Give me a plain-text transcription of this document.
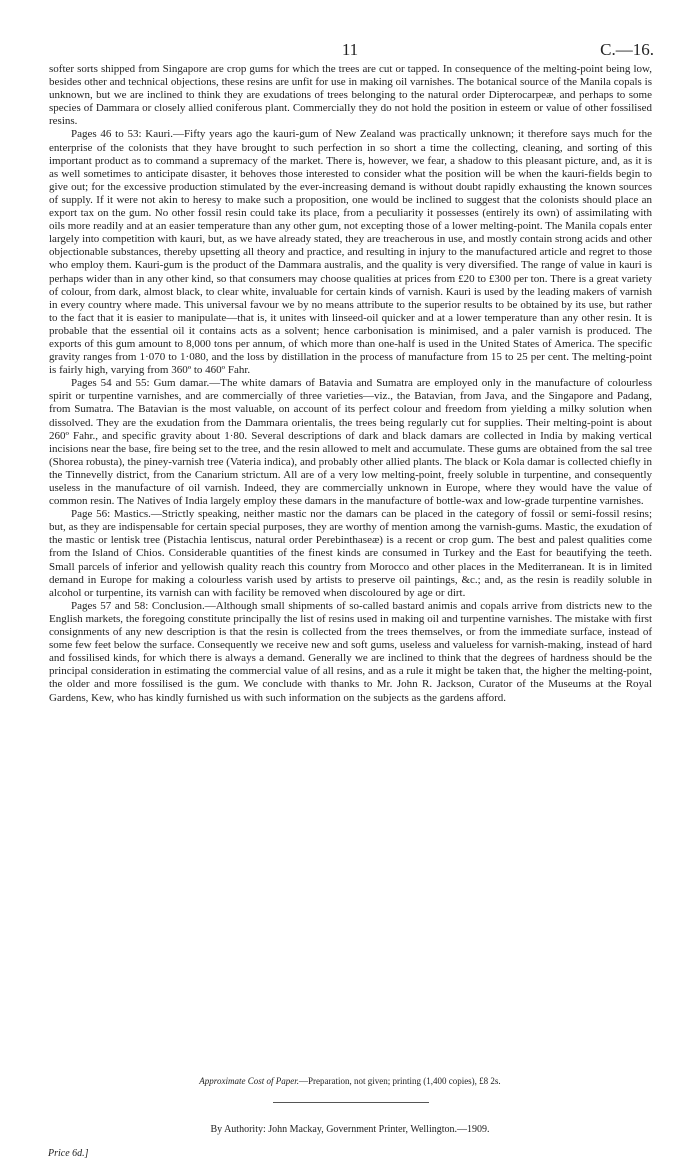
11	C.—16.

softer sorts shipped from Singapore are crop gums for which the trees are cut or tapped. In consequence of the melting-point being low, besides other and technical objections, these resins are unfit for use in making oil varnishes. The botanical source of the Manila copals is unknown, but we are inclined to think they are exudations of trees belonging to the natural order Dipterocarpeæ, and perhaps to some species of Dammara or closely allied coniferous plant. Commercially they do not hold the position in esteem or value of other fossilised resins.

Pages 46 to 53: Kauri.—Fifty years ago the kauri-gum of New Zealand was practically unknown; it therefore says much for the enterprise of the colonists that they have brought to such perfection in so short a time the collecting, cleaning, and sorting of this important product as to command a supremacy of the market. There is, however, we fear, a shadow to this pleasant picture, and, as it is as well sometimes to anticipate disaster, it behoves those interested to consider what the position will be when the kauri-fields begin to give out; for the excessive production stimulated by the ever-increasing demand is without doubt rapidly exhausting the known sources of supply. If it were not akin to heresy to make such a proposition, one would be inclined to suggest that the colonists should place an export tax on the gum. No other fossil resin could take its place, from a peculiarity it possesses (entirely its own) of assimilating with oils more readily and at an easier temperature than any other gum, not excepting those of a lower melting-point. The Manila copals enter largely into competition with kauri, but, as we have already stated, they are treacherous in use, and mostly contain strong acids and other objectionable substances, thereby upsetting all theory and practice, and resulting in injury to the manufactured article and regret to those who employ them. Kauri-gum is the product of the Dammara australis, and the quality is very diversified. The range of value in kauri is perhaps wider than in any other kind, so that consumers may choose qualities at prices from £20 to £300 per ton. There is a great variety of colour, from dark, almost black, to clear white, invaluable for certain kinds of varnish. Kauri is used by the leading makers of varnish in every country where made. This universal favour we by no means attribute to the superior results to be obtained by its use, but rather to the fact that it is easier to manipulate—that is, it unites with linseed-oil quicker and at a lower temperature than any other resin. It is probable that the essential oil it contains acts as a solvent; hence carbonisation is minimised, and a paler varnish is produced. The exports of this gum amount to 8,000 tons per annum, of which more than one-half is used in the United States of America. The specific gravity ranges from 1·070 to 1·080, and the loss by distillation in the process of manufacture from 15 to 25 per cent. The melting-point is fairly high, varying from 360º to 460º Fahr.

Pages 54 and 55: Gum damar.—The white damars of Batavia and Sumatra are employed only in the manufacture of colourless spirit or turpentine varnishes, and are commercially of three varieties—viz., the Batavian, from Java, and the Singapore and Padang, from Sumatra. The Batavian is the most valuable, on account of its perfect colour and freedom from yielding a milky solution when dissolved. They are the exudation from the Dammara orientalis, the trees being regularly cut for supplies. Their melting-point is about 260º Fahr., and specific gravity about 1·80. Several descriptions of dark and black damars are collected in India by making vertical incisions near the base, fire being set to the tree, and the resin allowed to melt and accumulate. These gums are obtained from the sal tree (Shorea robusta), the piney-varnish tree (Vateria indica), and probably other allied plants. The black or Kola damar is collected chiefly in the Tinnevelly district, from the Canarium strictum. All are of a very low melting-point, freely soluble in turpentine, and consequently useless in the manufacture of oil varnish. Indeed, they are commercially unknown in Europe, where they would have the value of common resin. The Natives of India largely employ these damars in the manufacture of bottle-wax and low-grade turpentine varnishes.

Page 56: Mastics.—Strictly speaking, neither mastic nor the damars can be placed in the category of fossil or semi-fossil resins; but, as they are indispensable for certain special purposes, they are worthy of mention among the varnish-gums. Mastic, the exudation of the mastic or lentisk tree (Pistachia lentiscus, natural order Perebinthaseæ) is a recent or crop gum. The best and palest qualities come from the Island of Chios. Considerable quantities of the finest kinds are consumed in Turkey and the East for beautifying the teeth. Small parcels of inferior and yellowish quality reach this country from Morocco and other places in the Mediterranean. It is in limited demand in Europe for making a colourless varish used by artists to preserve oil paintings, &c.; and, as the resin is readily soluble in alcohol or turpentine, its varnish can with facility be removed when discoloured by age or dirt.

Pages 57 and 58: Conclusion.—Although small shipments of so-called bastard animis and copals arrive from districts new to the English markets, the foregoing constitute principally the list of resins used in making oil and turpentine varnishes. The mistake with first consignments of any new description is that the resin is collected from the trees themselves, or from the immediate surface, instead of some few feet below the surface. Consequently we receive new and soft gums, useless and valueless for varnish-making, instead of hard and fossilised kinds, for which there is always a demand. Generally we are inclined to think that the degrees of hardness should be the principal consideration in estimating the commercial value of all resins, and as a rule it might be taken that, the higher the melting-point, the older and more fossilised is the gum. We conclude with thanks to Mr. John R. Jackson, Curator of the Museums at the Royal Gardens, Kew, who has kindly furnished us with such information on the subjects as the gardens afford.

Approximate Cost of Paper.—Preparation, not given; printing (1,400 copies), £8 2s.
By Authority: John Mackay, Government Printer, Wellington.—1909.
Price 6d.]
